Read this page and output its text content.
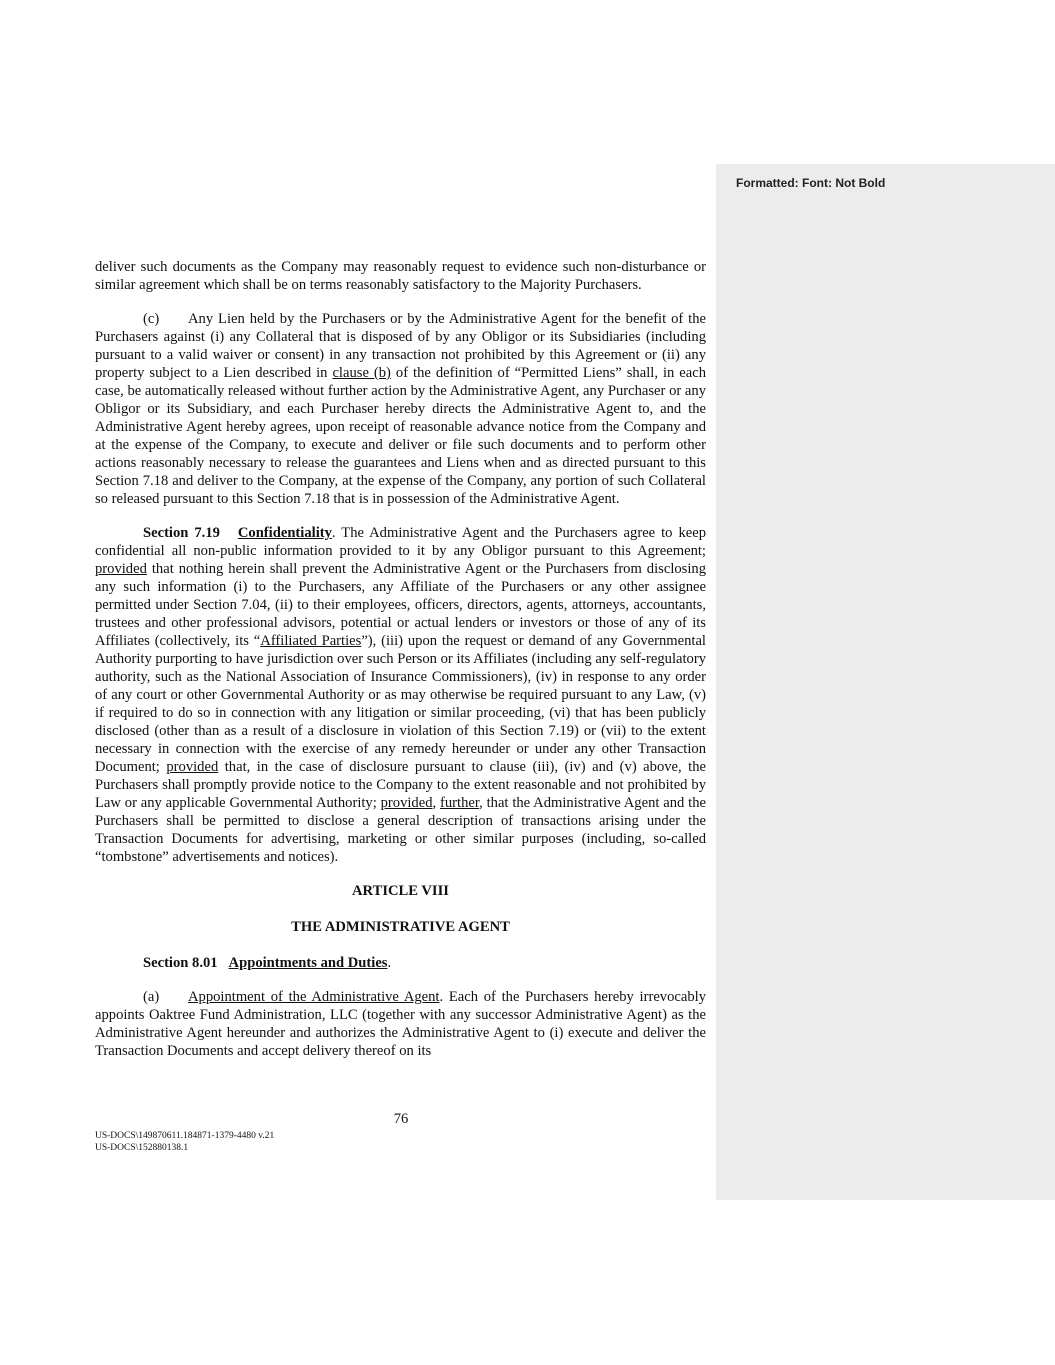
Formatted: Font: Not Bold

deliver such documents as the Company may reasonably request to evidence such non-disturbance or similar agreement which shall be on terms reasonably satisfactory to the Majority Purchasers.

(c) Any Lien held by the Purchasers or by the Administrative Agent for the benefit of the Purchasers against (i) any Collateral that is disposed of by any Obligor or its Subsidiaries (including pursuant to a valid waiver or consent) in any transaction not prohibited by this Agreement or (ii) any property subject to a Lien described in clause (b) of the definition of “Permitted Liens” shall, in each case, be automatically released without further action by the Administrative Agent, any Purchaser or any Obligor or its Subsidiary, and each Purchaser hereby directs the Administrative Agent to, and the Administrative Agent hereby agrees, upon receipt of reasonable advance notice from the Company and at the expense of the Company, to execute and deliver or file such documents and to perform other actions reasonably necessary to release the guarantees and Liens when and as directed pursuant to this Section 7.18 and deliver to the Company, at the expense of the Company, any portion of such Collateral so released pursuant to this Section 7.18 that is in possession of the Administrative Agent.

Section 7.19 Confidentiality. The Administrative Agent and the Purchasers agree to keep confidential all non-public information provided to it by any Obligor pursuant to this Agreement; provided that nothing herein shall prevent the Administrative Agent or the Purchasers from disclosing any such information (i) to the Purchasers, any Affiliate of the Purchasers or any other assignee permitted under Section 7.04, (ii) to their employees, officers, directors, agents, attorneys, accountants, trustees and other professional advisors, potential or actual lenders or investors or those of any of its Affiliates (collectively, its “Affiliated Parties”), (iii) upon the request or demand of any Governmental Authority purporting to have jurisdiction over such Person or its Affiliates (including any self-regulatory authority, such as the National Association of Insurance Commissioners), (iv) in response to any order of any court or other Governmental Authority or as may otherwise be required pursuant to any Law, (v) if required to do so in connection with any litigation or similar proceeding, (vi) that has been publicly disclosed (other than as a result of a disclosure in violation of this Section 7.19) or (vii) to the extent necessary in connection with the exercise of any remedy hereunder or under any other Transaction Document; provided that, in the case of disclosure pursuant to clause (iii), (iv) and (v) above, the Purchasers shall promptly provide notice to the Company to the extent reasonable and not prohibited by Law or any applicable Governmental Authority; provided, further, that the Administrative Agent and the Purchasers shall be permitted to disclose a general description of transactions arising under the Transaction Documents for advertising, marketing or other similar purposes (including, so-called “tombstone” advertisements and notices).

ARTICLE VIII

THE ADMINISTRATIVE AGENT

Section 8.01 Appointments and Duties.

(a) Appointment of the Administrative Agent. Each of the Purchasers hereby irrevocably appoints Oaktree Fund Administration, LLC (together with any successor Administrative Agent) as the Administrative Agent hereunder and authorizes the Administrative Agent to (i) execute and deliver the Transaction Documents and accept delivery thereof on its

76
US-DOCS\149870611.184871-1379-4480 v.21
US-DOCS\152880138.1
